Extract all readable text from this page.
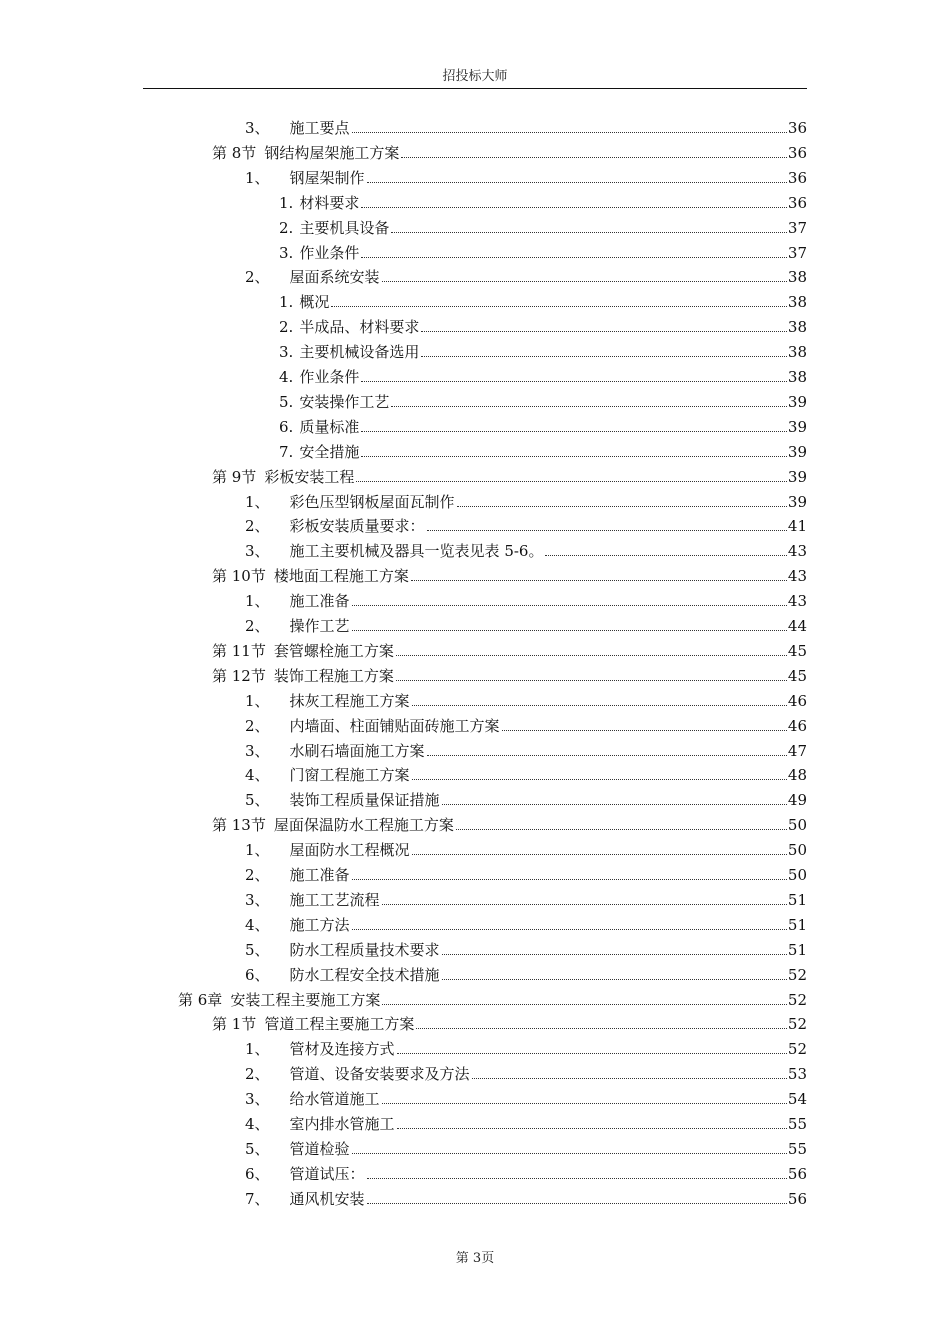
招投标大师
3、 施工要点	36
第 8节 钢结构屋架施工方案	36
1、 钢屋架制作	36
1. 材料要求	36
2. 主要机具设备	37
3. 作业条件	37
2、 屋面系统安装	38
1. 概况	38
2. 半成品、材料要求	38
3. 主要机械设备选用	38
4. 作业条件	38
5. 安装操作工艺	39
6. 质量标准	39
7. 安全措施	39
第 9节 彩板安装工程	39
1、 彩色压型钢板屋面瓦制作	39
2、 彩板安装质量要求：	41
3、 施工主要机械及器具一览表见表 5-6。	43
第 10节 楼地面工程施工方案	43
1、 施工准备	43
2、 操作工艺	44
第 11节 套管螺栓施工方案	45
第 12节 装饰工程施工方案	45
1、 抹灰工程施工方案	46
2、 内墙面、柱面铺贴面砖施工方案	46
3、 水刷石墙面施工方案	47
4、 门窗工程施工方案	48
5、 装饰工程质量保证措施	49
第 13节 屋面保温防水工程施工方案	50
1、 屋面防水工程概况	50
2、 施工准备	50
3、 施工工艺流程	51
4、 施工方法	51
5、 防水工程质量技术要求	51
6、 防水工程安全技术措施	52
第 6章 安装工程主要施工方案	52
第 1节 管道工程主要施工方案	52
1、 管材及连接方式	52
2、 管道、设备安装要求及方法	53
3、 给水管道施工	54
4、 室内排水管施工	55
5、 管道检验	55
6、 管道试压：	56
7、 通风机安装	56
第 3页
